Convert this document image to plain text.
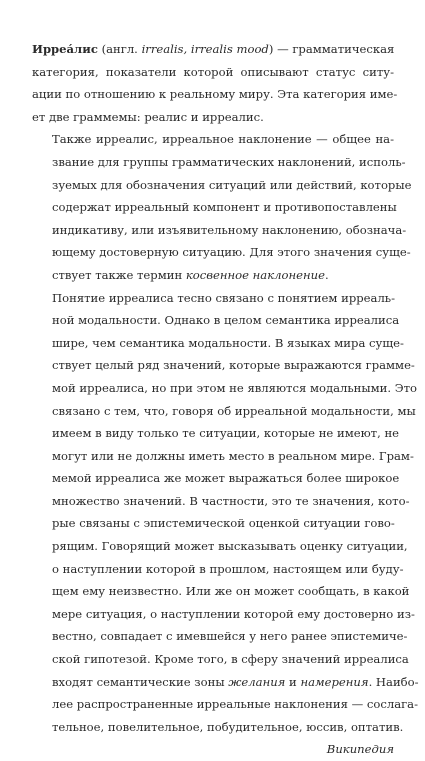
Ирреа́лис (англ. irrealis, irrealis mood) — грамматическая
категория, показатели которой описывают статус ситу-
ации по отношению к реальному миру. Эта категория име-
ет две граммемы: реалис и ирреалис.
Также ирреалис, ирреальное наклонение — общее на-
звание для группы грамматических наклонений, исполь-
зуемых для обозначения ситуаций или действий, которые
содержат ирреальный компонент и противопоставлены
индикативу, или изъявительному наклонению, обознача-
ющему достоверную ситуацию. Для этого значения суще-
ствует также термин косвенное наклонение.
Понятие ирреалиса тесно связано с понятием ирреаль-
ной модальности. Однако в целом семантика ирреалиса
шире, чем семантика модальности. В языках мира суще-
ствует целый ряд значений, которые выражаются грамме-
мой ирреалиса, но при этом не являются модальными. Это
связано с тем, что, говоря об ирреальной модальности, мы
имеем в виду только те ситуации, которые не имеют, не
могут или не должны иметь место в реальном мире. Грам-
мемой ирреалиса же может выражаться более широкое
множество значений. В частности, это те значения, кото-
рые связаны с эпистемической оценкой ситуации гово-
рящим. Говорящий может высказывать оценку ситуации,
о наступлении которой в прошлом, настоящем или буду-
щем ему неизвестно. Или же он может сообщать, в какой
мере ситуация, о наступлении которой ему достоверно из-
вестно, совпадает с имевшейся у него ранее эпистемиче-
ской гипотезой. Кроме того, в сферу значений ирреалиса
входят семантические зоны желания и намерения. Наибо-
лее распространенные ирреальные наклонения — сослага-
тельное, повелительное, побудительное, юссив, оптатив.
Википедия
